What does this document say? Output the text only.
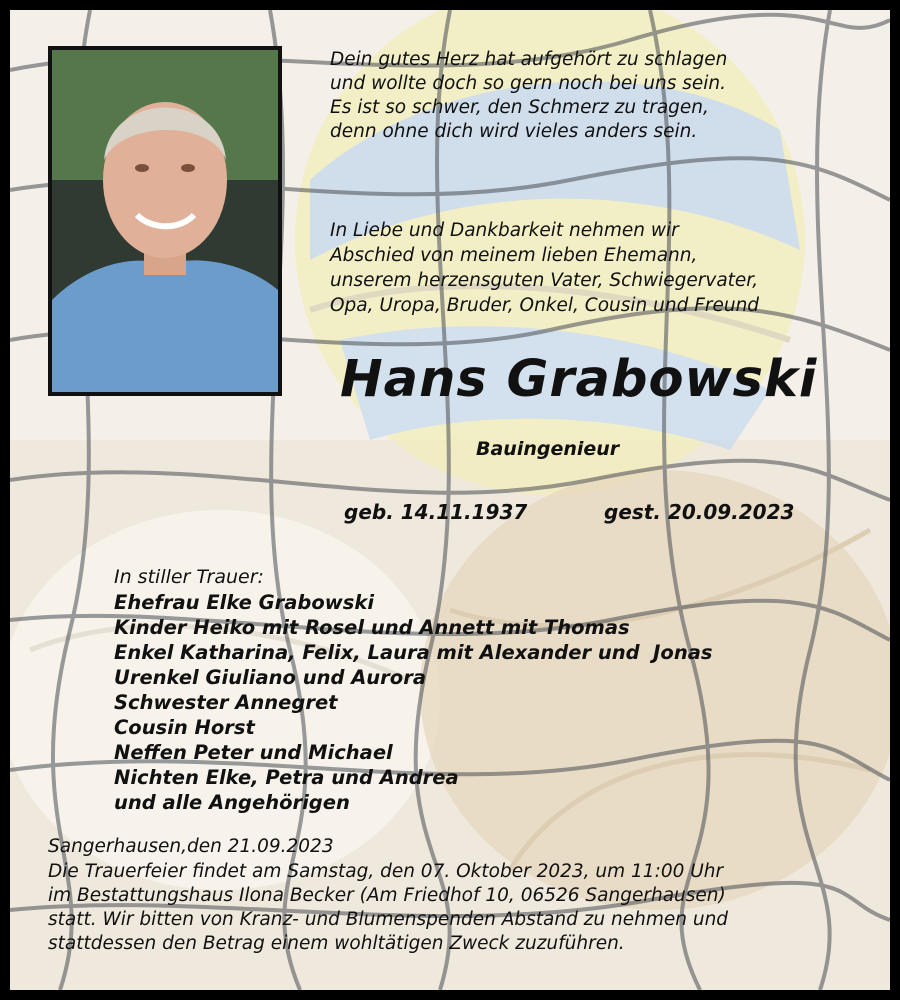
Dein gutes Herz hat aufgehört zu schlagen
und wollte doch so gern noch bei uns sein.
Es ist so schwer, den Schmerz zu tragen,
denn ohne dich wird vieles anders sein.

In Liebe und Dankbarkeit nehmen wir
Abschied von meinem lieben Ehemann,
unserem herzensguten Vater, Schwiegervater,
Opa, Uropa, Bruder, Onkel, Cousin und Freund

Hans Grabowski

Bauingenieur

geb. 14.11.1937	gest. 20.09.2023

In stiller Trauer:

Ehefrau Elke Grabowski
Kinder Heiko mit Rosel und Annett mit Thomas
Enkel Katharina, Felix, Laura mit Alexander und  Jonas
Urenkel Giuliano und Aurora
Schwester Annegret
Cousin Horst
Neffen Peter und Michael
Nichten Elke, Petra und Andrea
und alle Angehörigen

Sangerhausen,den 21.09.2023

Die Trauerfeier findet am Samstag, den 07. Oktober 2023, um 11:00 Uhr
im Bestattungshaus Ilona Becker (Am Friedhof 10, 06526 Sangerhausen)
statt. Wir bitten von Kranz- und Blumenspenden Abstand zu nehmen und
stattdessen den Betrag einem wohltätigen Zweck zuzuführen.
